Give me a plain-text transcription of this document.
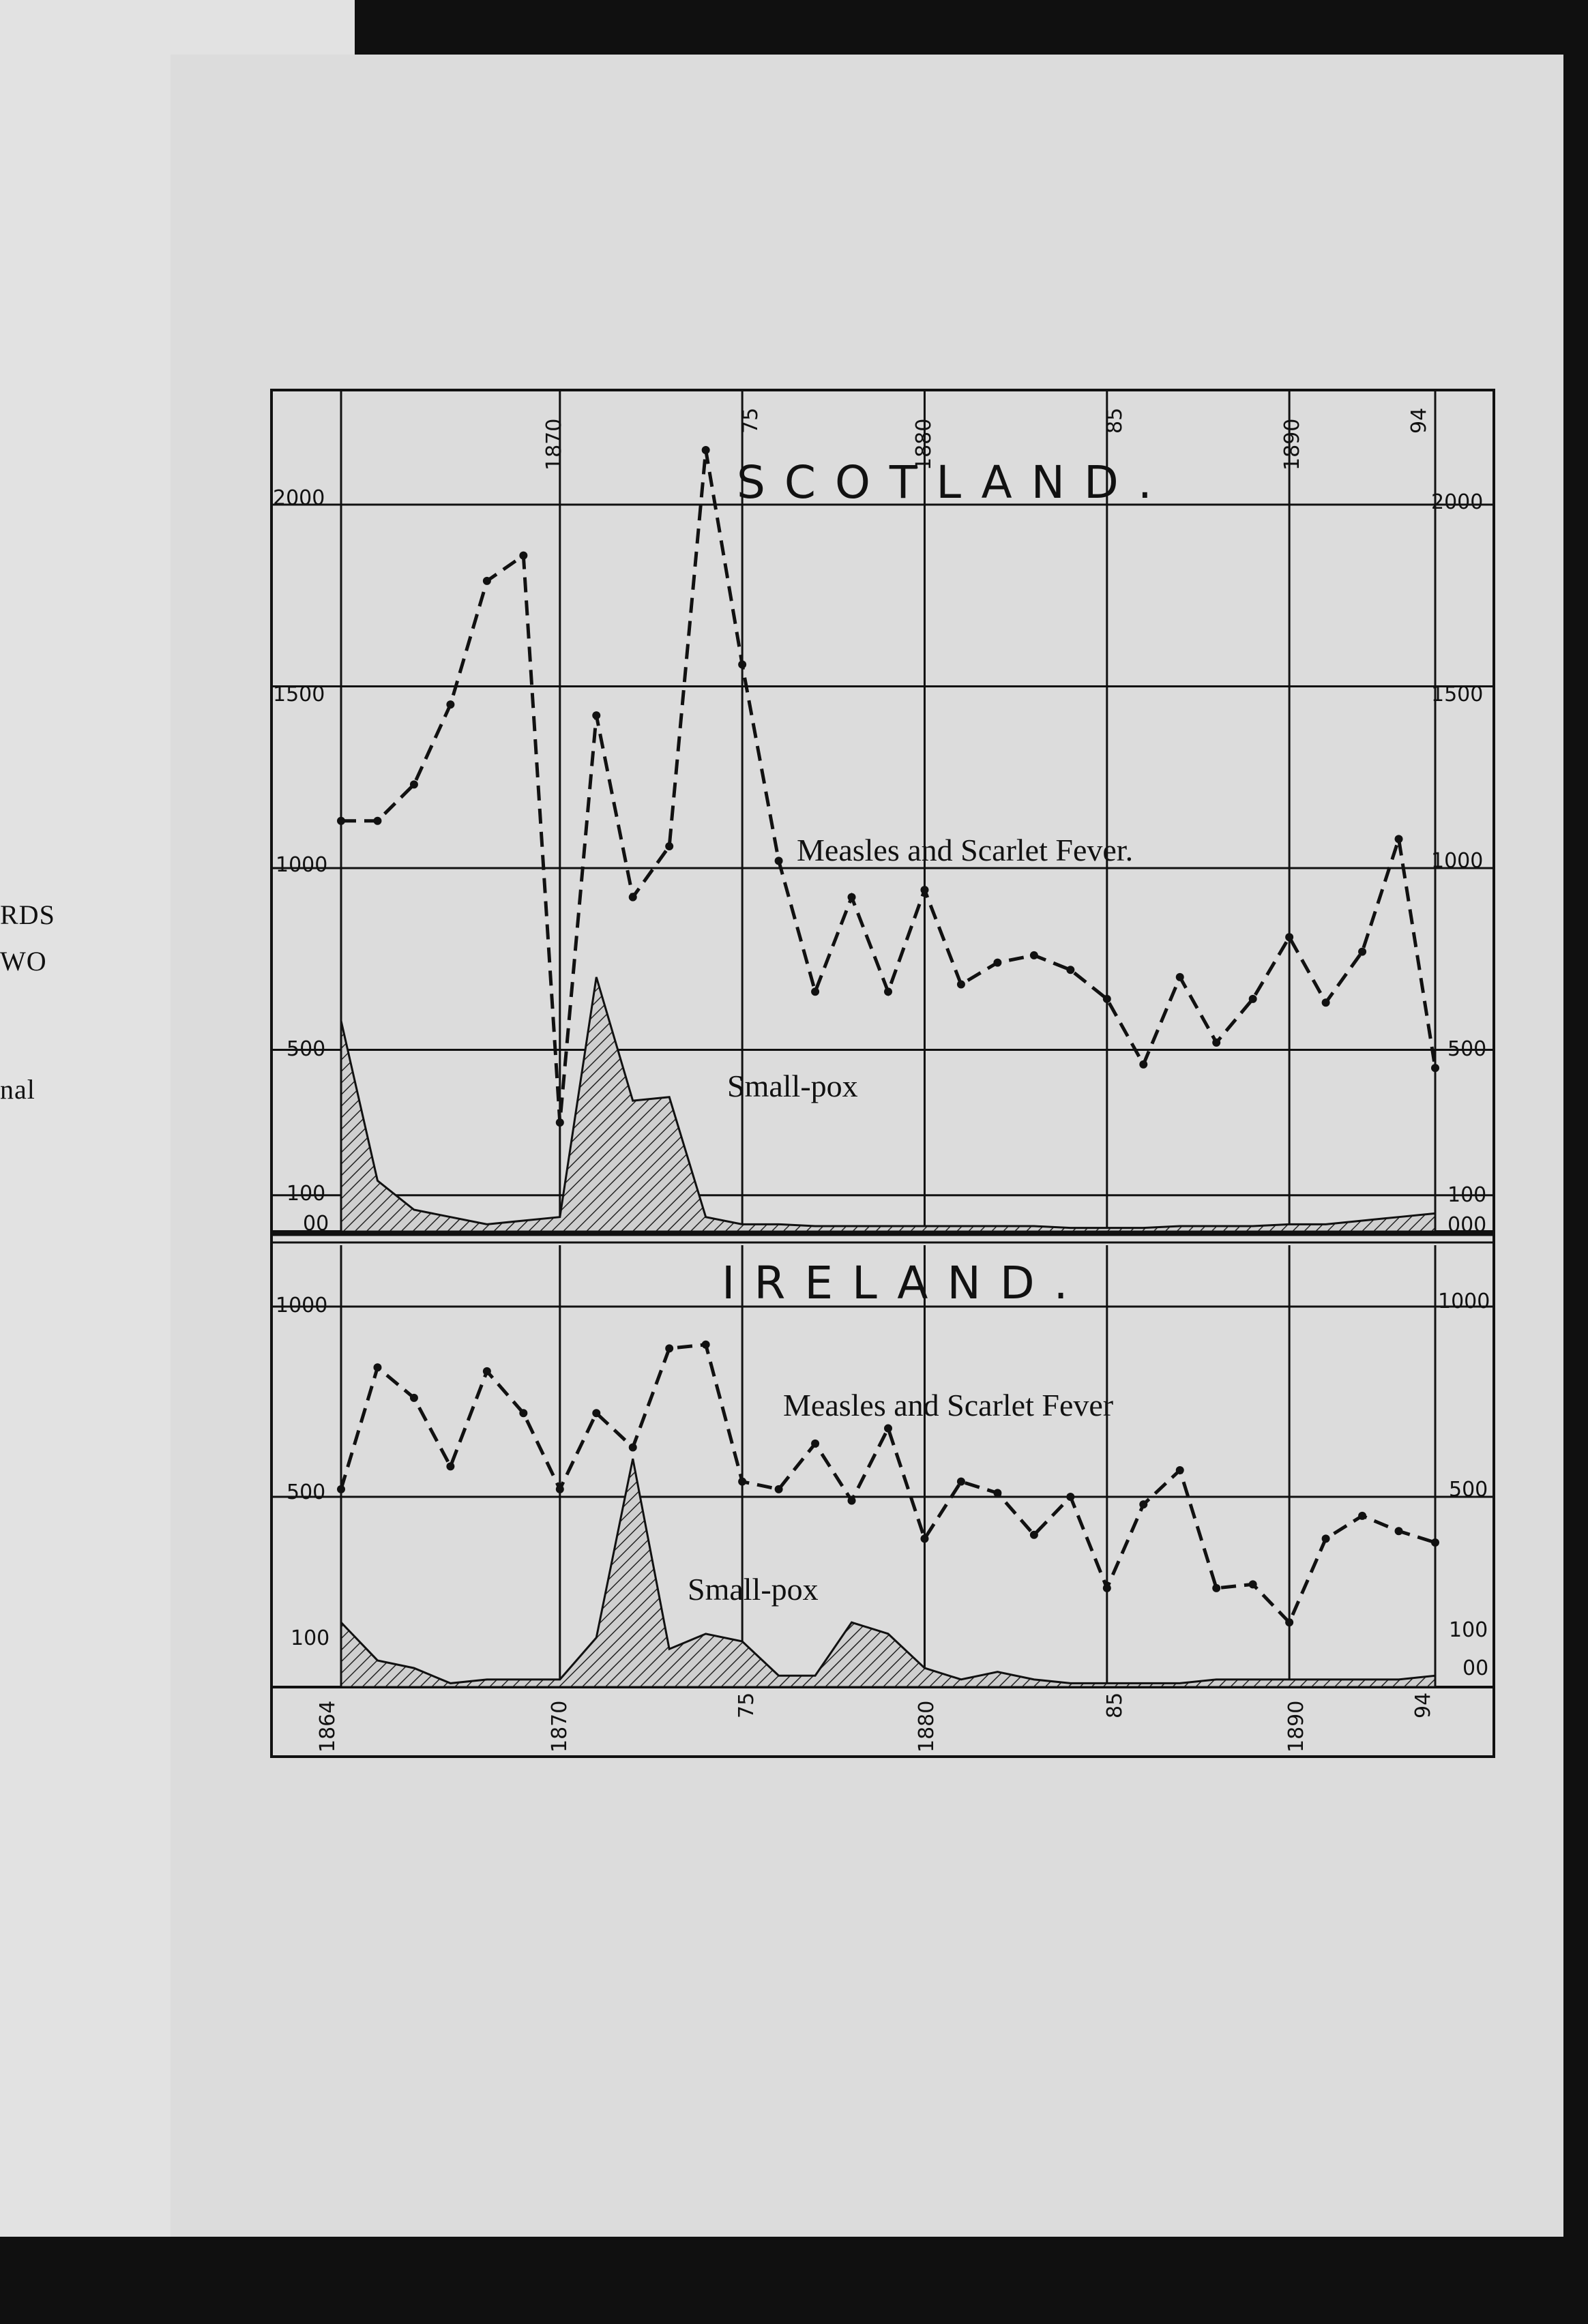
RDS
WO
nal
SCOTLAND.
IRELAND.
Measles and Scarlet Fever.
Small-pox
Measles and Scarlet Fever
Small-pox
2000
1500
1000
500
100
00
2000
1500
1000
500
100
000
1000
500
100
1000
500
100
00
1870	75	1880	85	1890	94
1864	1870	75	1880	85	1890	94
